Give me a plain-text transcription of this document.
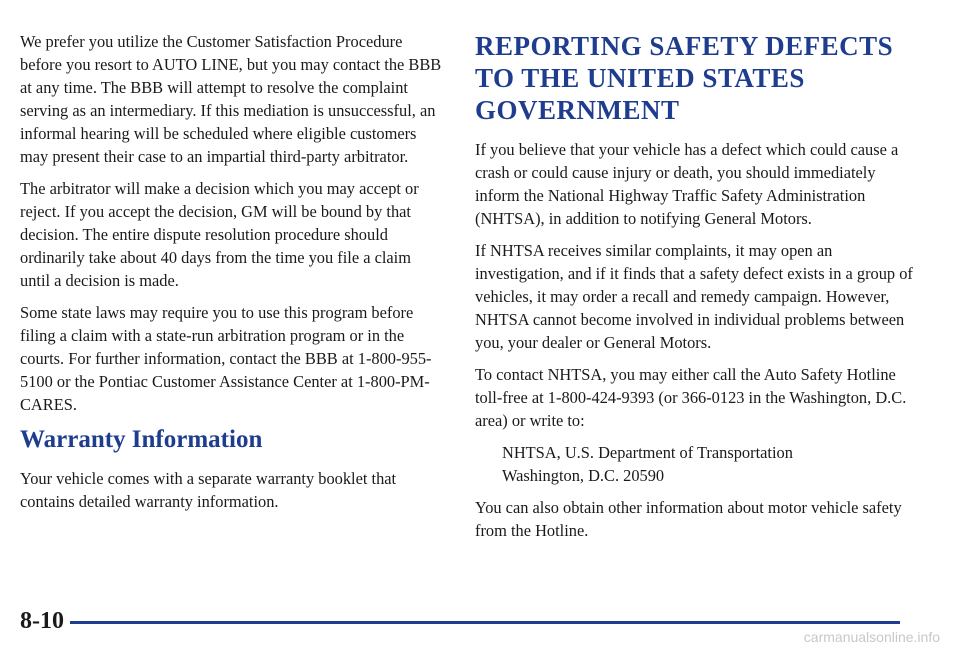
We prefer you utilize the Customer Satisfaction Procedure before you resort to AUTO LINE, but you may contact the BBB at any time. The BBB will attempt to resolve the complaint serving as an intermediary. If this mediation is unsuccessful, an informal hearing will be scheduled where eligible customers may present their case to an impartial third-party arbitrator.

The arbitrator will make a decision which you may accept or reject. If you accept the decision, GM will be bound by that decision. The entire dispute resolution procedure should ordinarily take about 40 days from the time you file a claim until a decision is made.

Some state laws may require you to use this program before filing a claim with a state-run arbitration program or in the courts. For further information, contact the BBB at 1-800-955-5100 or the Pontiac Customer Assistance Center at 1-800-PM-CARES.

Warranty Information

Your vehicle comes with a separate warranty booklet that contains detailed warranty information.

REPORTING SAFETY DEFECTS TO THE UNITED STATES GOVERNMENT

If you believe that your vehicle has a defect which could cause a crash or could cause injury or death, you should immediately inform the National Highway Traffic Safety Administration (NHTSA), in addition to notifying General Motors.

If NHTSA receives similar complaints, it may open an investigation, and if it finds that a safety defect exists in a group of vehicles, it may order a recall and remedy campaign. However, NHTSA cannot become involved in individual problems between you, your dealer or General Motors.

To contact NHTSA, you may either call the Auto Safety Hotline toll-free at 1-800-424-9393 (or 366-0123 in the Washington, D.C. area) or write to:

NHTSA, U.S. Department of Transportation

Washington, D.C. 20590

You can also obtain other information about motor vehicle safety from the Hotline.

8-10
carmanualsonline.info
